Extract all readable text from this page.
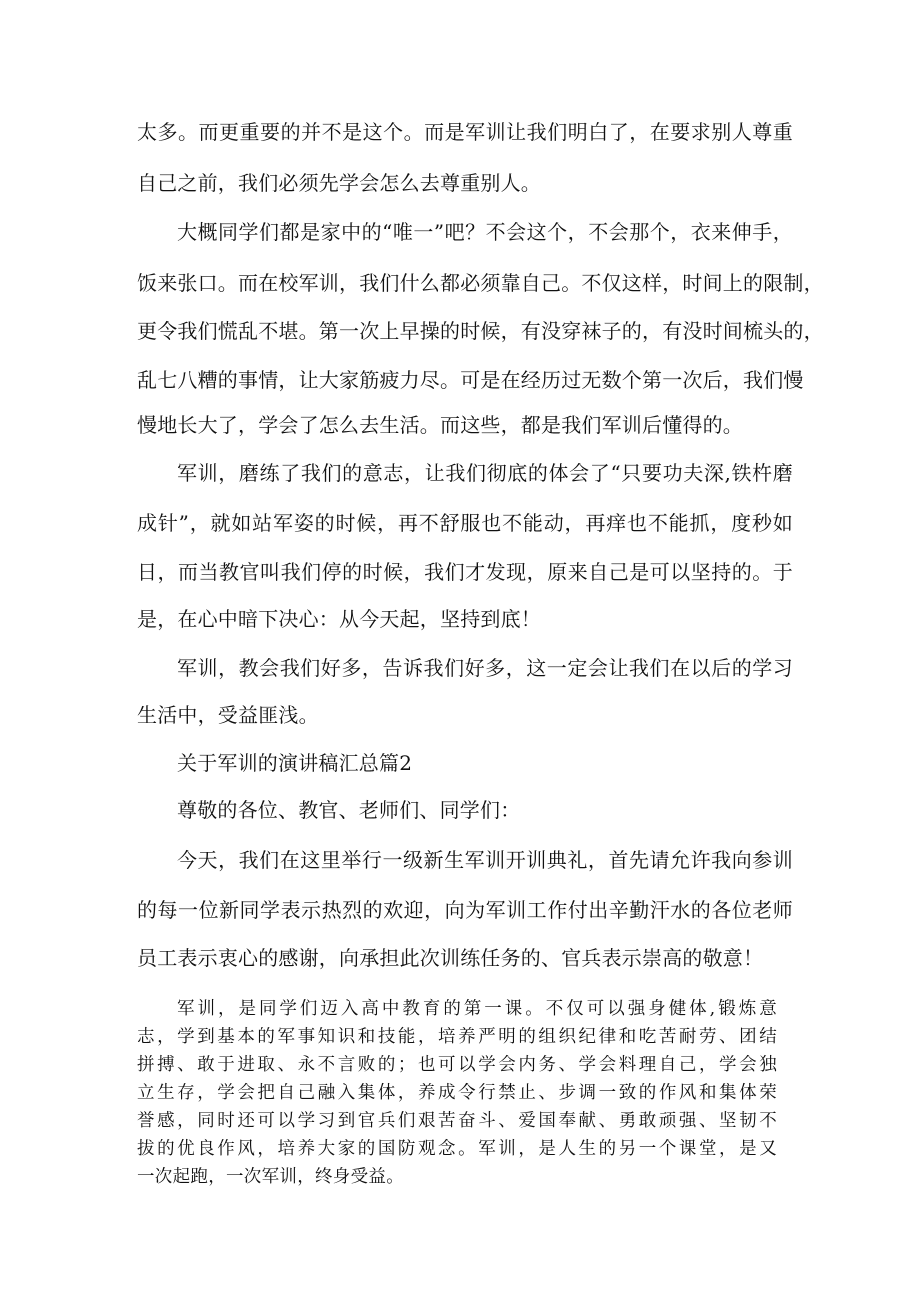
太多。而更重要的并不是这个。而是军训让我们明白了，在要求别人尊重
自己之前，我们必须先学会怎么去尊重别人。
大概同学们都是家中的“唯一”吧？不会这个，不会那个，衣来伸手，
饭来张口。而在校军训，我们什么都必须靠自己。不仅这样，时间上的限制，
更令我们慌乱不堪。第一次上早操的时候，有没穿袜子的，有没时间梳头的，
乱七八糟的事情，让大家筋疲力尽。可是在经历过无数个第一次后，我们慢
慢地长大了，学会了怎么去生活。而这些，都是我们军训后懂得的。
军训，磨练了我们的意志，让我们彻底的体会了“只要功夫深,铁杵磨
成针”，就如站军姿的时候，再不舒服也不能动，再痒也不能抓，度秒如
日，而当教官叫我们停的时候，我们才发现，原来自己是可以坚持的。于
是，在心中暗下决心：从今天起，坚持到底！
军训，教会我们好多，告诉我们好多，这一定会让我们在以后的学习
生活中，受益匪浅。
关于军训的演讲稿汇总篇2
尊敬的各位、教官、老师们、同学们：
今天，我们在这里举行一级新生军训开训典礼，首先请允许我向参训
的每一位新同学表示热烈的欢迎，向为军训工作付出辛勤汗水的各位老师
员工表示衷心的感谢，向承担此次训练任务的、官兵表示崇高的敬意！
军训，是同学们迈入高中教育的第一课。不仅可以强身健体,锻炼意
志，学到基本的军事知识和技能，培养严明的组织纪律和吃苦耐劳、团结
拼搏、敢于进取、永不言败的；也可以学会内务、学会料理自己，学会独
立生存，学会把自己融入集体，养成令行禁止、步调一致的作风和集体荣
誉感，同时还可以学习到官兵们艰苦奋斗、爱国奉献、勇敢顽强、坚韧不
拔的优良作风，培养大家的国防观念。军训，是人生的另一个课堂，是又
一次起跑，一次军训，终身受益。
